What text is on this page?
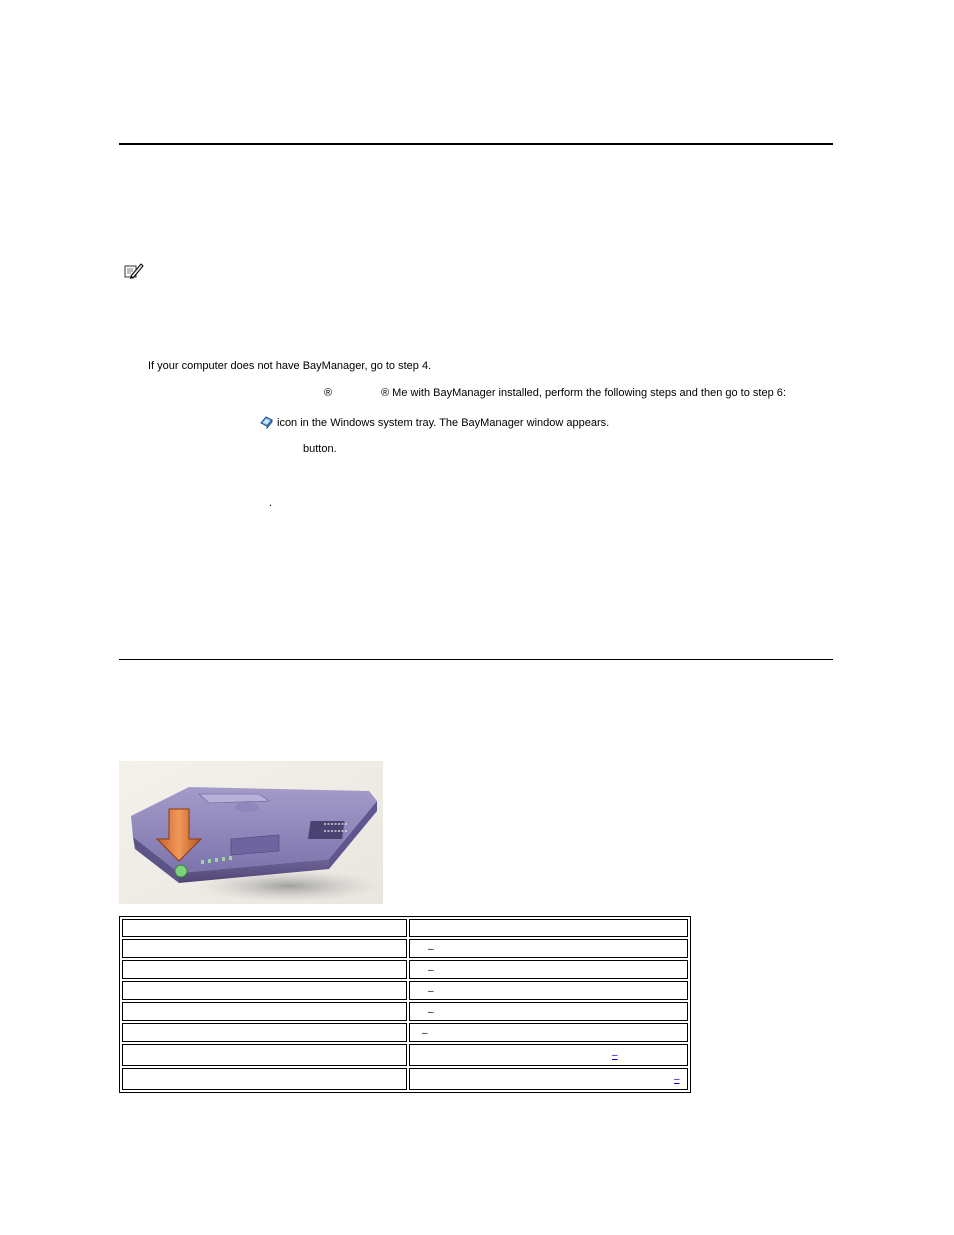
If your computer does not have BayManager, go to step 4.
®	® Me with BayManager installed, perform the following steps and then go to step 6:
icon in the Windows system tray. The BayManager window appears.
button.
.

	–
	–
	–
	–
	–
	–
	–
